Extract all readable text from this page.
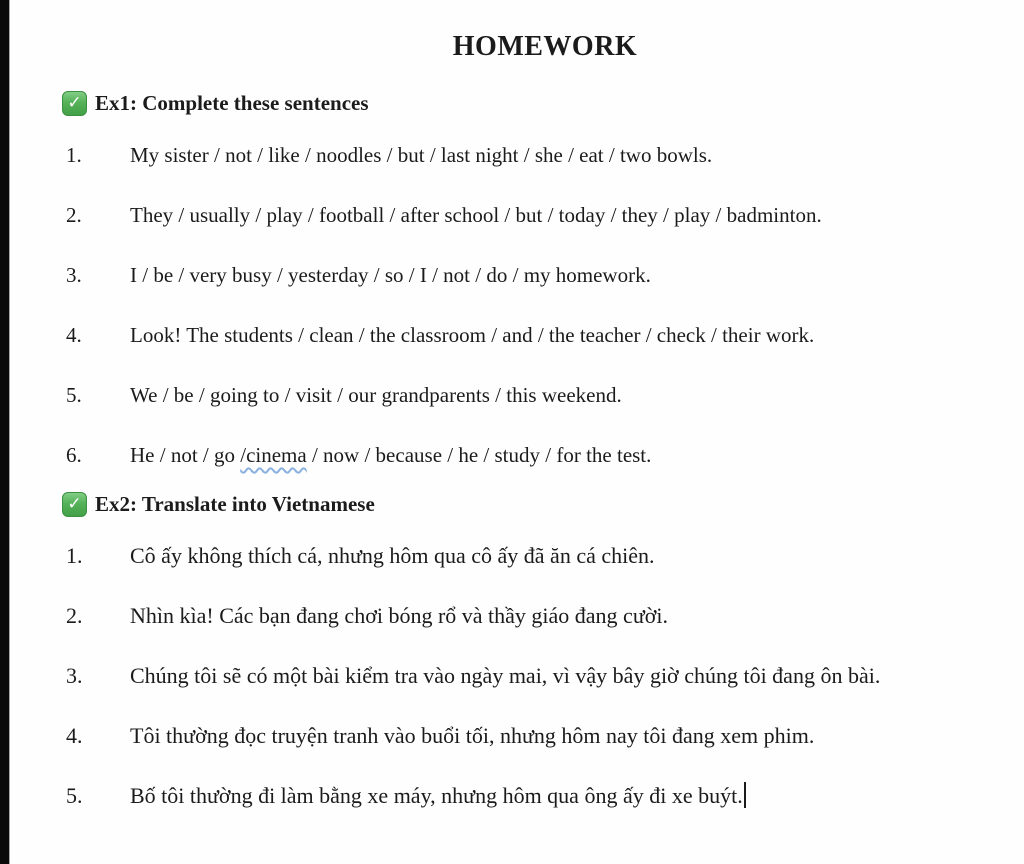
HOMEWORK
✓ Ex1: Complete these sentences
1.	My sister / not / like / noodles / but / last night / she / eat / two bowls.
2.	They / usually / play / football / after school / but / today / they / play / badminton.
3.	I / be / very busy / yesterday / so / I / not / do / my homework.
4.	Look! The students / clean / the classroom / and / the teacher / check / their work.
5.	We / be / going to / visit / our grandparents / this weekend.
6.	He / not / go /cinema / now / because / he / study / for the test.
✓ Ex2: Translate into Vietnamese
1.	Cô ấy không thích cá, nhưng hôm qua cô ấy đã ăn cá chiên.
2.	Nhìn kìa! Các bạn đang chơi bóng rổ và thầy giáo đang cười.
3.	Chúng tôi sẽ có một bài kiểm tra vào ngày mai, vì vậy bây giờ chúng tôi đang ôn bài.
4.	Tôi thường đọc truyện tranh vào buổi tối, nhưng hôm nay tôi đang xem phim.
5.	Bố tôi thường đi làm bằng xe máy, nhưng hôm qua ông ấy đi xe buýt.
